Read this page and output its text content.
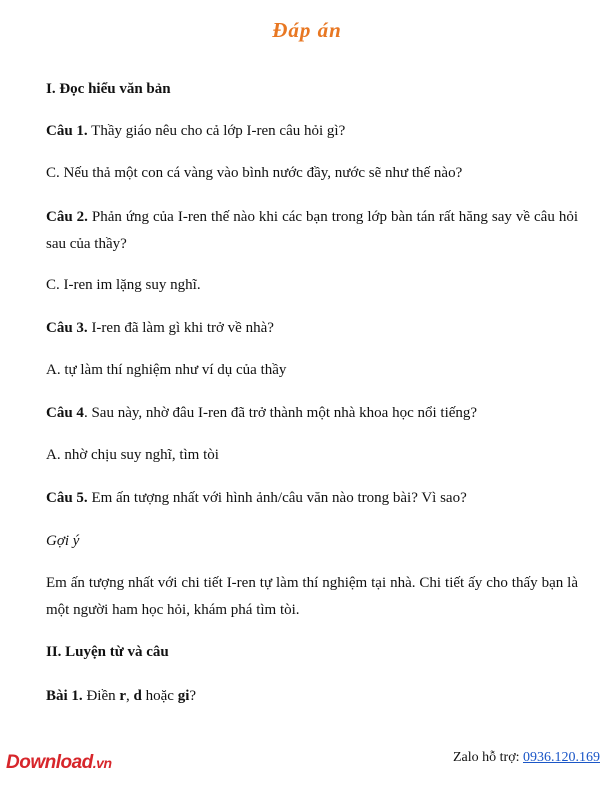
Đáp án
I. Đọc hiểu văn bản
Câu 1. Thầy giáo nêu cho cả lớp I-ren câu hỏi gì?
C. Nếu thả một con cá vàng vào bình nước đầy, nước sẽ như thế nào?
Câu 2. Phản ứng của I-ren thế nào khi các bạn trong lớp bàn tán rất hăng say về câu hỏi sau của thầy?
C. I-ren im lặng suy nghĩ.
Câu 3. I-ren đã làm gì khi trở về nhà?
A. tự làm thí nghiệm như ví dụ của thầy
Câu 4. Sau này, nhờ đâu I-ren đã trở thành một nhà khoa học nổi tiếng?
A. nhờ chịu suy nghĩ, tìm tòi
Câu 5. Em ấn tượng nhất với hình ảnh/câu văn nào trong bài? Vì sao?
Gợi ý
Em ấn tượng nhất với chi tiết I-ren tự làm thí nghiệm tại nhà. Chi tiết ấy cho thấy bạn là một người ham học hỏi, khám phá tìm tòi.
II. Luyện từ và câu
Bài 1. Điền r, d hoặc gi?
Download.vn	Zalo hỗ trợ: 0936.120.169
